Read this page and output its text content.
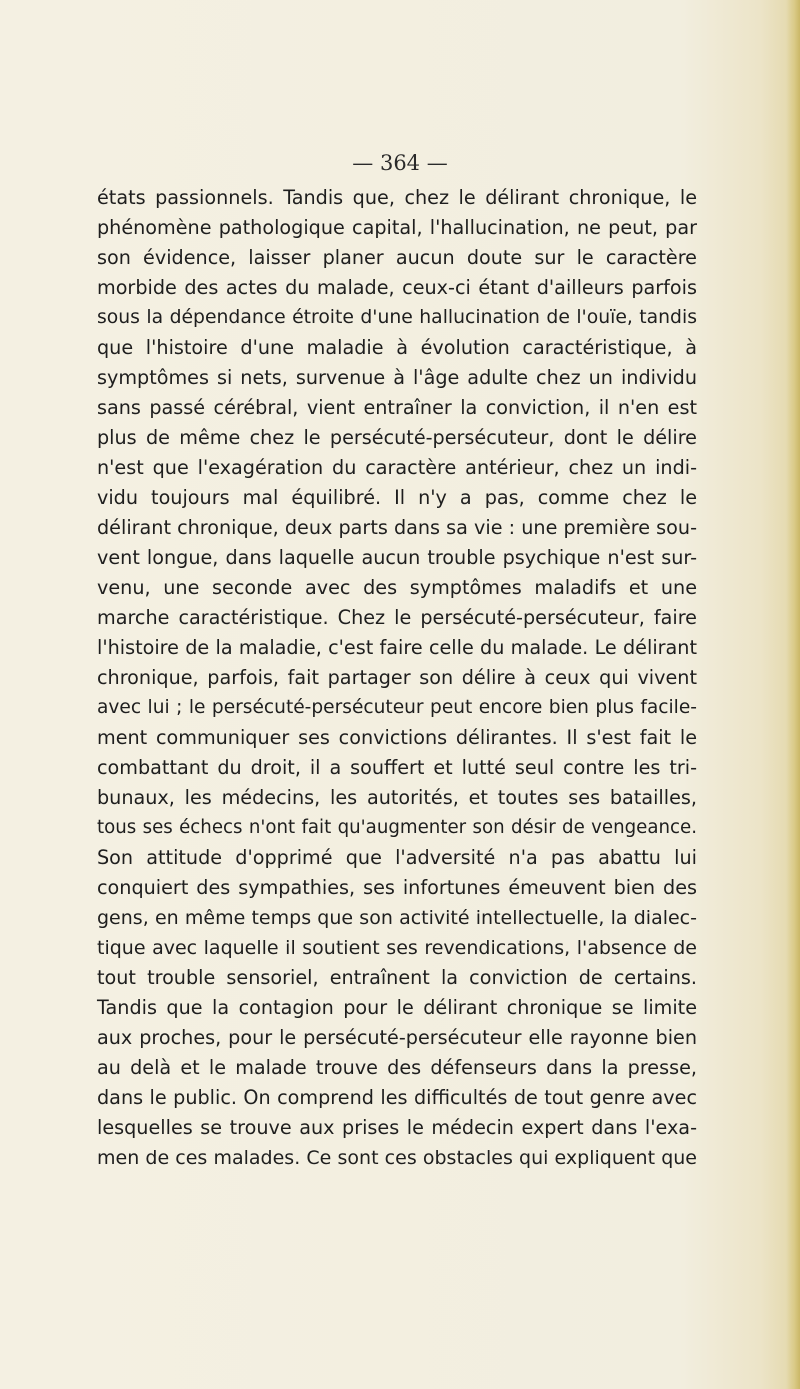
— 364 —

états passionnels. Tandis que, chez le délirant chronique, le
phénomène pathologique capital, l'hallucination, ne peut, par
son évidence, laisser planer aucun doute sur le caractère
morbide des actes du malade, ceux-ci étant d'ailleurs parfois
sous la dépendance étroite d'une hallucination de l'ouïe, tandis
que l'histoire d'une maladie à évolution caractéristique, à
symptômes si nets, survenue à l'âge adulte chez un individu
sans passé cérébral, vient entraîner la conviction, il n'en est
plus de même chez le persécuté-persécuteur, dont le délire
n'est que l'exagération du caractère antérieur, chez un indi-
vidu toujours mal équilibré. Il n'y a pas, comme chez le
délirant chronique, deux parts dans sa vie : une première sou-
vent longue, dans laquelle aucun trouble psychique n'est sur-
venu, une seconde avec des symptômes maladifs et une
marche caractéristique. Chez le persécuté-persécuteur, faire
l'histoire de la maladie, c'est faire celle du malade. Le délirant
chronique, parfois, fait partager son délire à ceux qui vivent
avec lui ; le persécuté-persécuteur peut encore bien plus facile-
ment communiquer ses convictions délirantes. Il s'est fait le
combattant du droit, il a souffert et lutté seul contre les tri-
bunaux, les médecins, les autorités, et toutes ses batailles,
tous ses échecs n'ont fait qu'augmenter son désir de vengeance.
Son attitude d'opprimé que l'adversité n'a pas abattu lui
conquiert des sympathies, ses infortunes émeuvent bien des
gens, en même temps que son activité intellectuelle, la dialec-
tique avec laquelle il soutient ses revendications, l'absence de
tout trouble sensoriel, entraînent la conviction de certains.
Tandis que la contagion pour le délirant chronique se limite
aux proches, pour le persécuté-persécuteur elle rayonne bien
au delà et le malade trouve des défenseurs dans la presse,
dans le public. On comprend les difficultés de tout genre avec
lesquelles se trouve aux prises le médecin expert dans l'exa-
men de ces malades. Ce sont ces obstacles qui expliquent que
